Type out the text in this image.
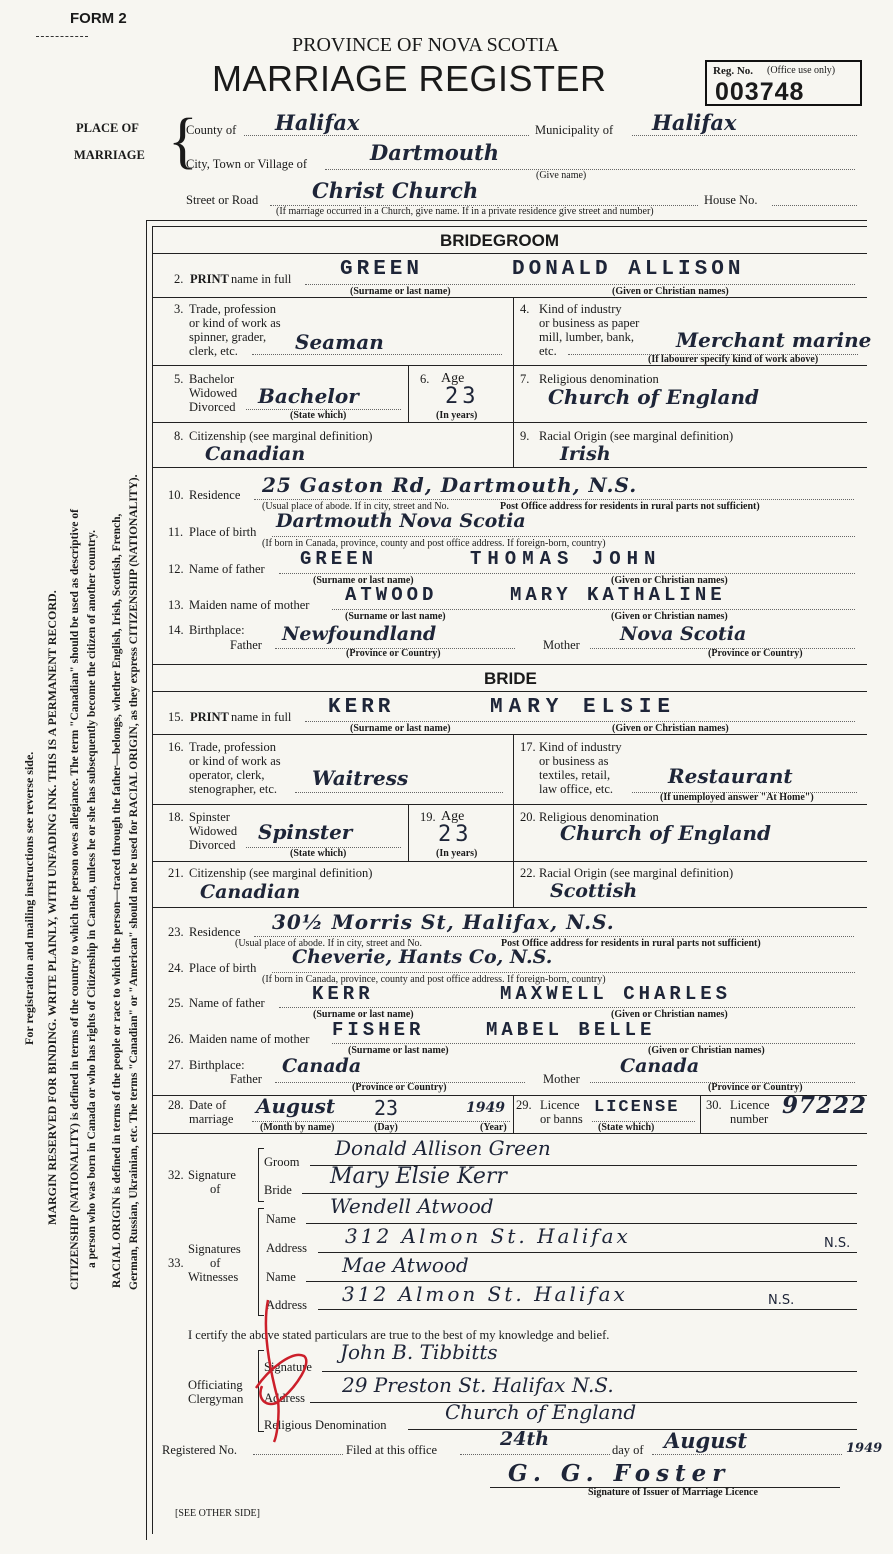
FORM 2
PROVINCE OF NOVA SCOTIA
MARRIAGE REGISTER	Reg. No. (Office use only)
003748
PLACE OF
MARRIAGE {
County of Halifax	Municipality of Halifax
City, Town or Village of	Dartmouth
(Give name)
Street or Road	Christ Church	House No.
(If marriage occurred in a Church, give name. If in a private residence give street and number)
For registration and mailing instructions see reverse side. MARGIN RESERVED FOR BINDING. WRITE PLAINLY, WITH UNFADING INK. THIS IS A PERMANENT RECORD. CITIZENSHIP (NATIONALITY) is defined in terms of the country to which the person owes allegiance. The term "Canadian" should be used as descriptive of a person who was born in Canada or who has rights of Citizenship in Canada, unless he or she has subsequently become the citizen of another country. RACIAL ORIGIN is defined in terms of the people or race to which the person—traced through the father—belongs, whether English, Irish, Scottish, French, German, Russian, Ukrainian, etc. The terms "Canadian" or "American" should not be used for RACIAL ORIGIN, as they express CITIZENSHIP (NATIONALITY).
BRIDEGROOM
2. PRINT name in full GREEN	DONALD ALLISON
(Surname or last name)	(Given or Christian names)
3. Trade, profession
or kind of work as
spinner, grader,
clerk, etc.	Seaman
4. Kind of industry
or business as paper
mill, lumber, bank,
etc.	Merchant marine
(If labourer specify kind of work above)
5. Bachelor
Widowed
Divorced Bachelor
(State which)
6. Age
23
(In years)
7. Religious denomination
Church of England
8. Citizenship (see marginal definition)
Canadian
9. Racial Origin (see marginal definition)
Irish
10. Residence 25 Gaston Rd, Dartmouth, N.S.
(Usual place of abode. If in city, street and No.	Post Office address for residents in rural parts not sufficient)
11. Place of birth Dartmouth Nova Scotia
(If born in Canada, province, county and post office address. If foreign-born, country)
12. Name of father GREEN	THOMAS JOHN
(Surname or last name)	(Given or Christian names)
13. Maiden name of mother ATWOOD	MARY KATHALINE
(Surname or last name)	(Given or Christian names)
14. Birthplace:
Father Newfoundland
(Province or Country)
Mother Nova Scotia
(Province or Country)
BRIDE
15. PRINT name in full KERR	MARY ELSIE
(Surname or last name)	(Given or Christian names)
16. Trade, profession
or kind of work as
operator, clerk,
stenographer, etc. Waitress
17. Kind of industry
or business as
textiles, retail,
law office, etc.
Restaurant
(If unemployed answer "At Home")
18. Spinster
Widowed
Divorced
Spinster
(State which)
19. Age
23
(In years)
20. Religious denomination
Church of England
21. Citizenship (see marginal definition)
Canadian
22. Racial Origin (see marginal definition)
Scottish
23. Residence 30½ Morris St, Halifax, N.S.
(Usual place of abode. If in city, street and No.	Post Office address for residents in rural parts not sufficient)
24. Place of birth Cheverie, Hants Co, N.S.
(If born in Canada, province, county and post office address. If foreign-born, country)
25. Name of father KERR	MAXWELL CHARLES
(Surname or last name)	(Given or Christian names)
26. Maiden name of mother FISHER	MABEL BELLE
(Surname or last name)	(Given or Christian names)
27. Birthplace:
Father
Canada
(Province or Country)
Mother
Canada
(Province or Country)
28. Date of
marriage
August 23	1949
(Month by name)	(Day)	(Year)
29. Licence
or banns
LICENSE
(State which)
30. Licence
number 97222
32. Signature
of
Groom
Donald Allison Green
Bride
Mary Elsie Kerr
33.
Signatures
of
Witnesses
Name
Wendell Atwood
Address 312 Almon St. Halifax	N.S.
Name Mae Atwood
Address 312 Almon St. Halifax	N.S.
I certify the above stated particulars are true to the best of my knowledge and belief.
Officiating
Clergyman
Signature
John B. Tibbitts
Address
29 Preston St. Halifax N.S.
Religious Denomination
Church of England
Registered No.	Filed at this office	24th	day of August	1949
G. G. Foster
Signature of Issuer of Marriage Licence
[SEE OTHER SIDE]
